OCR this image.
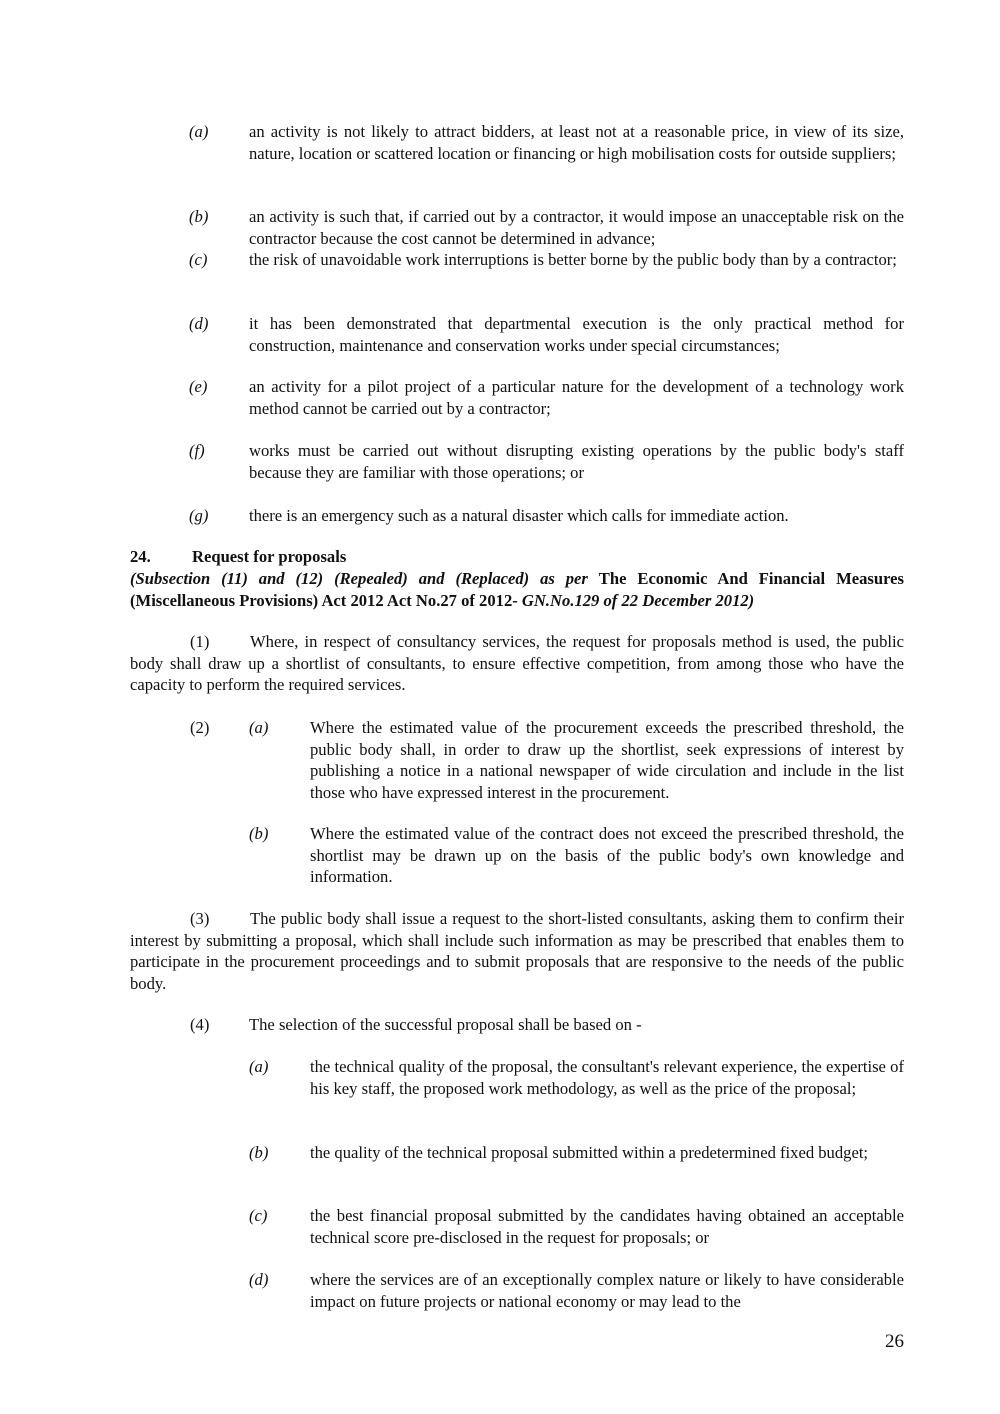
(a) an activity is not likely to attract bidders, at least not at a reasonable price, in view of its size, nature, location or scattered location or financing or high mobilisation costs for outside suppliers;
(b) an activity is such that, if carried out by a contractor, it would impose an unacceptable risk on the contractor because the cost cannot be determined in advance;
(c)	the risk of unavoidable work interruptions is better borne by the public body than by a contractor;
(d) it has been demonstrated that departmental execution is the only practical method for construction, maintenance and conservation works under special circumstances;
(e)	an activity for a pilot project of a particular nature for the development of a technology work method cannot be carried out by a contractor;
(f)	works must be carried out without disrupting existing operations by the public body's staff because they are familiar with those operations; or
(g) there is an emergency such as a natural disaster which calls for immediate action.
24. Request for proposals
(Subsection (11) and (12) (Repealed) and (Replaced) as per The Economic And Financial Measures (Miscellaneous Provisions) Act 2012 Act No.27 of 2012- GN.No.129 of 22 December 2012)
(1) Where, in respect of consultancy services, the request for proposals method is used, the public body shall draw up a shortlist of consultants, to ensure effective competition, from among those who have the capacity to perform the required services.
(2) (a)	Where the estimated value of the procurement exceeds the prescribed threshold, the public body shall, in order to draw up the shortlist, seek expressions of interest by publishing a notice in a national newspaper of wide circulation and include in the list those who have expressed interest in the procurement.
(b)	Where the estimated value of the contract does not exceed the prescribed threshold, the shortlist may be drawn up on the basis of the public body's own knowledge and information.
(3) The public body shall issue a request to the short-listed consultants, asking them to confirm their interest by submitting a proposal, which shall include such information as may be prescribed that enables them to participate in the procurement proceedings and to submit proposals that are responsive to the needs of the public body.
(4) The selection of the successful proposal shall be based on -
(a)	the technical quality of the proposal, the consultant's relevant experience, the expertise of his key staff, the proposed work methodology, as well as the price of the proposal;
(b)	the quality of the technical proposal submitted within a predetermined fixed budget;
(c)	the best financial proposal submitted by the candidates having obtained an acceptable technical score pre-disclosed in the request for proposals; or
(d)	where the services are of an exceptionally complex nature or likely to have considerable impact on future projects or national economy or may lead to the
26
